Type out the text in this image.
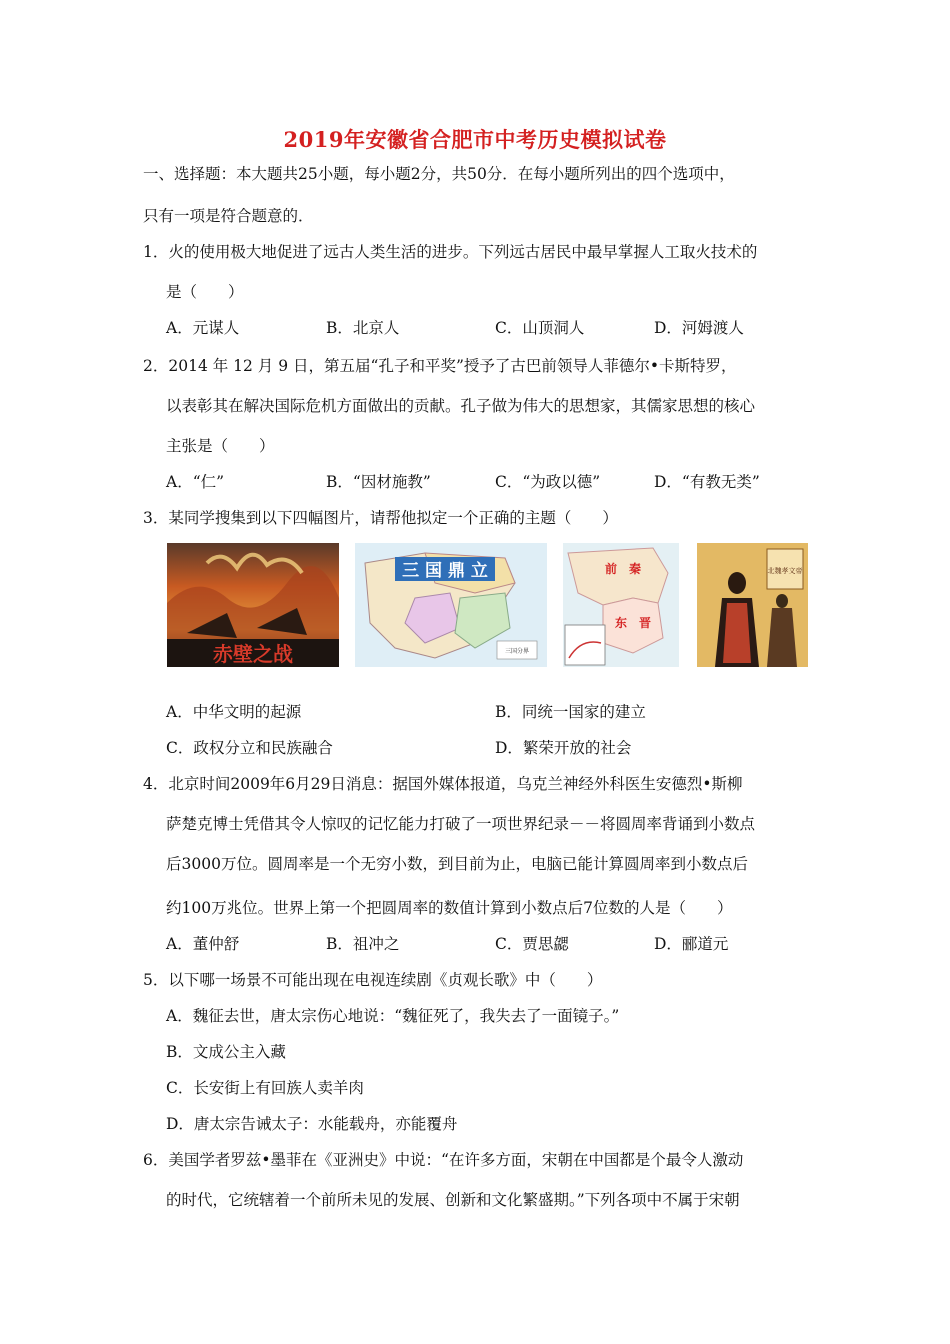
2019年安徽省合肥市中考历史模拟试卷
一、选择题：本大题共25小题，每小题2分，共50分．在每小题所列出的四个选项中，
只有一项是符合题意的．
1．火的使用极大地促进了远古人类生活的进步。下列远古居民中最早掌握人工取火技术的
是（　　）
A．元谋人	B．北京人	C．山顶洞人	D．河姆渡人
2．2014 年 12 月 9 日，第五届“孔子和平奖”授予了古巴前领导人菲德尔•卡斯特罗，
以表彰其在解决国际危机方面做出的贡献。孔子做为伟大的思想家，其儒家思想的核心
主张是（　　）
A．“仁”	B．“因材施教”	C．“为政以德”	D．“有教无类”
3．某同学搜集到以下四幅图片，请帮他拟定一个正确的主题（　　）
赤壁之战
三 国 鼎 立
三国分界
前　秦
东　晋
北魏孝文帝
A．中华文明的起源	B．同统一国家的建立
C．政权分立和民族融合	D．繁荣开放的社会
4．北京时间2009年6月29日消息：据国外媒体报道，乌克兰神经外科医生安德烈•斯柳
萨楚克博士凭借其令人惊叹的记忆能力打破了一项世界纪录－－将圆周率背诵到小数点
后3000万位。圆周率是一个无穷小数，到目前为止，电脑已能计算圆周率到小数点后
约100万兆位。世界上第一个把圆周率的数值计算到小数点后7位数的人是（　　）
A．董仲舒	B．祖冲之	C．贾思勰	D．郦道元
5．以下哪一场景不可能出现在电视连续剧《贞观长歌》中（　　）
A．魏征去世，唐太宗伤心地说：“魏征死了，我失去了一面镜子。”
B．文成公主入藏
C．长安街上有回族人卖羊肉
D．唐太宗告诫太子：水能载舟，亦能覆舟
6．美国学者罗兹•墨菲在《亚洲史》中说：“在许多方面，宋朝在中国都是个最令人激动
的时代，它统辖着一个前所未见的发展、创新和文化繁盛期。”下列各项中不属于宋朝
